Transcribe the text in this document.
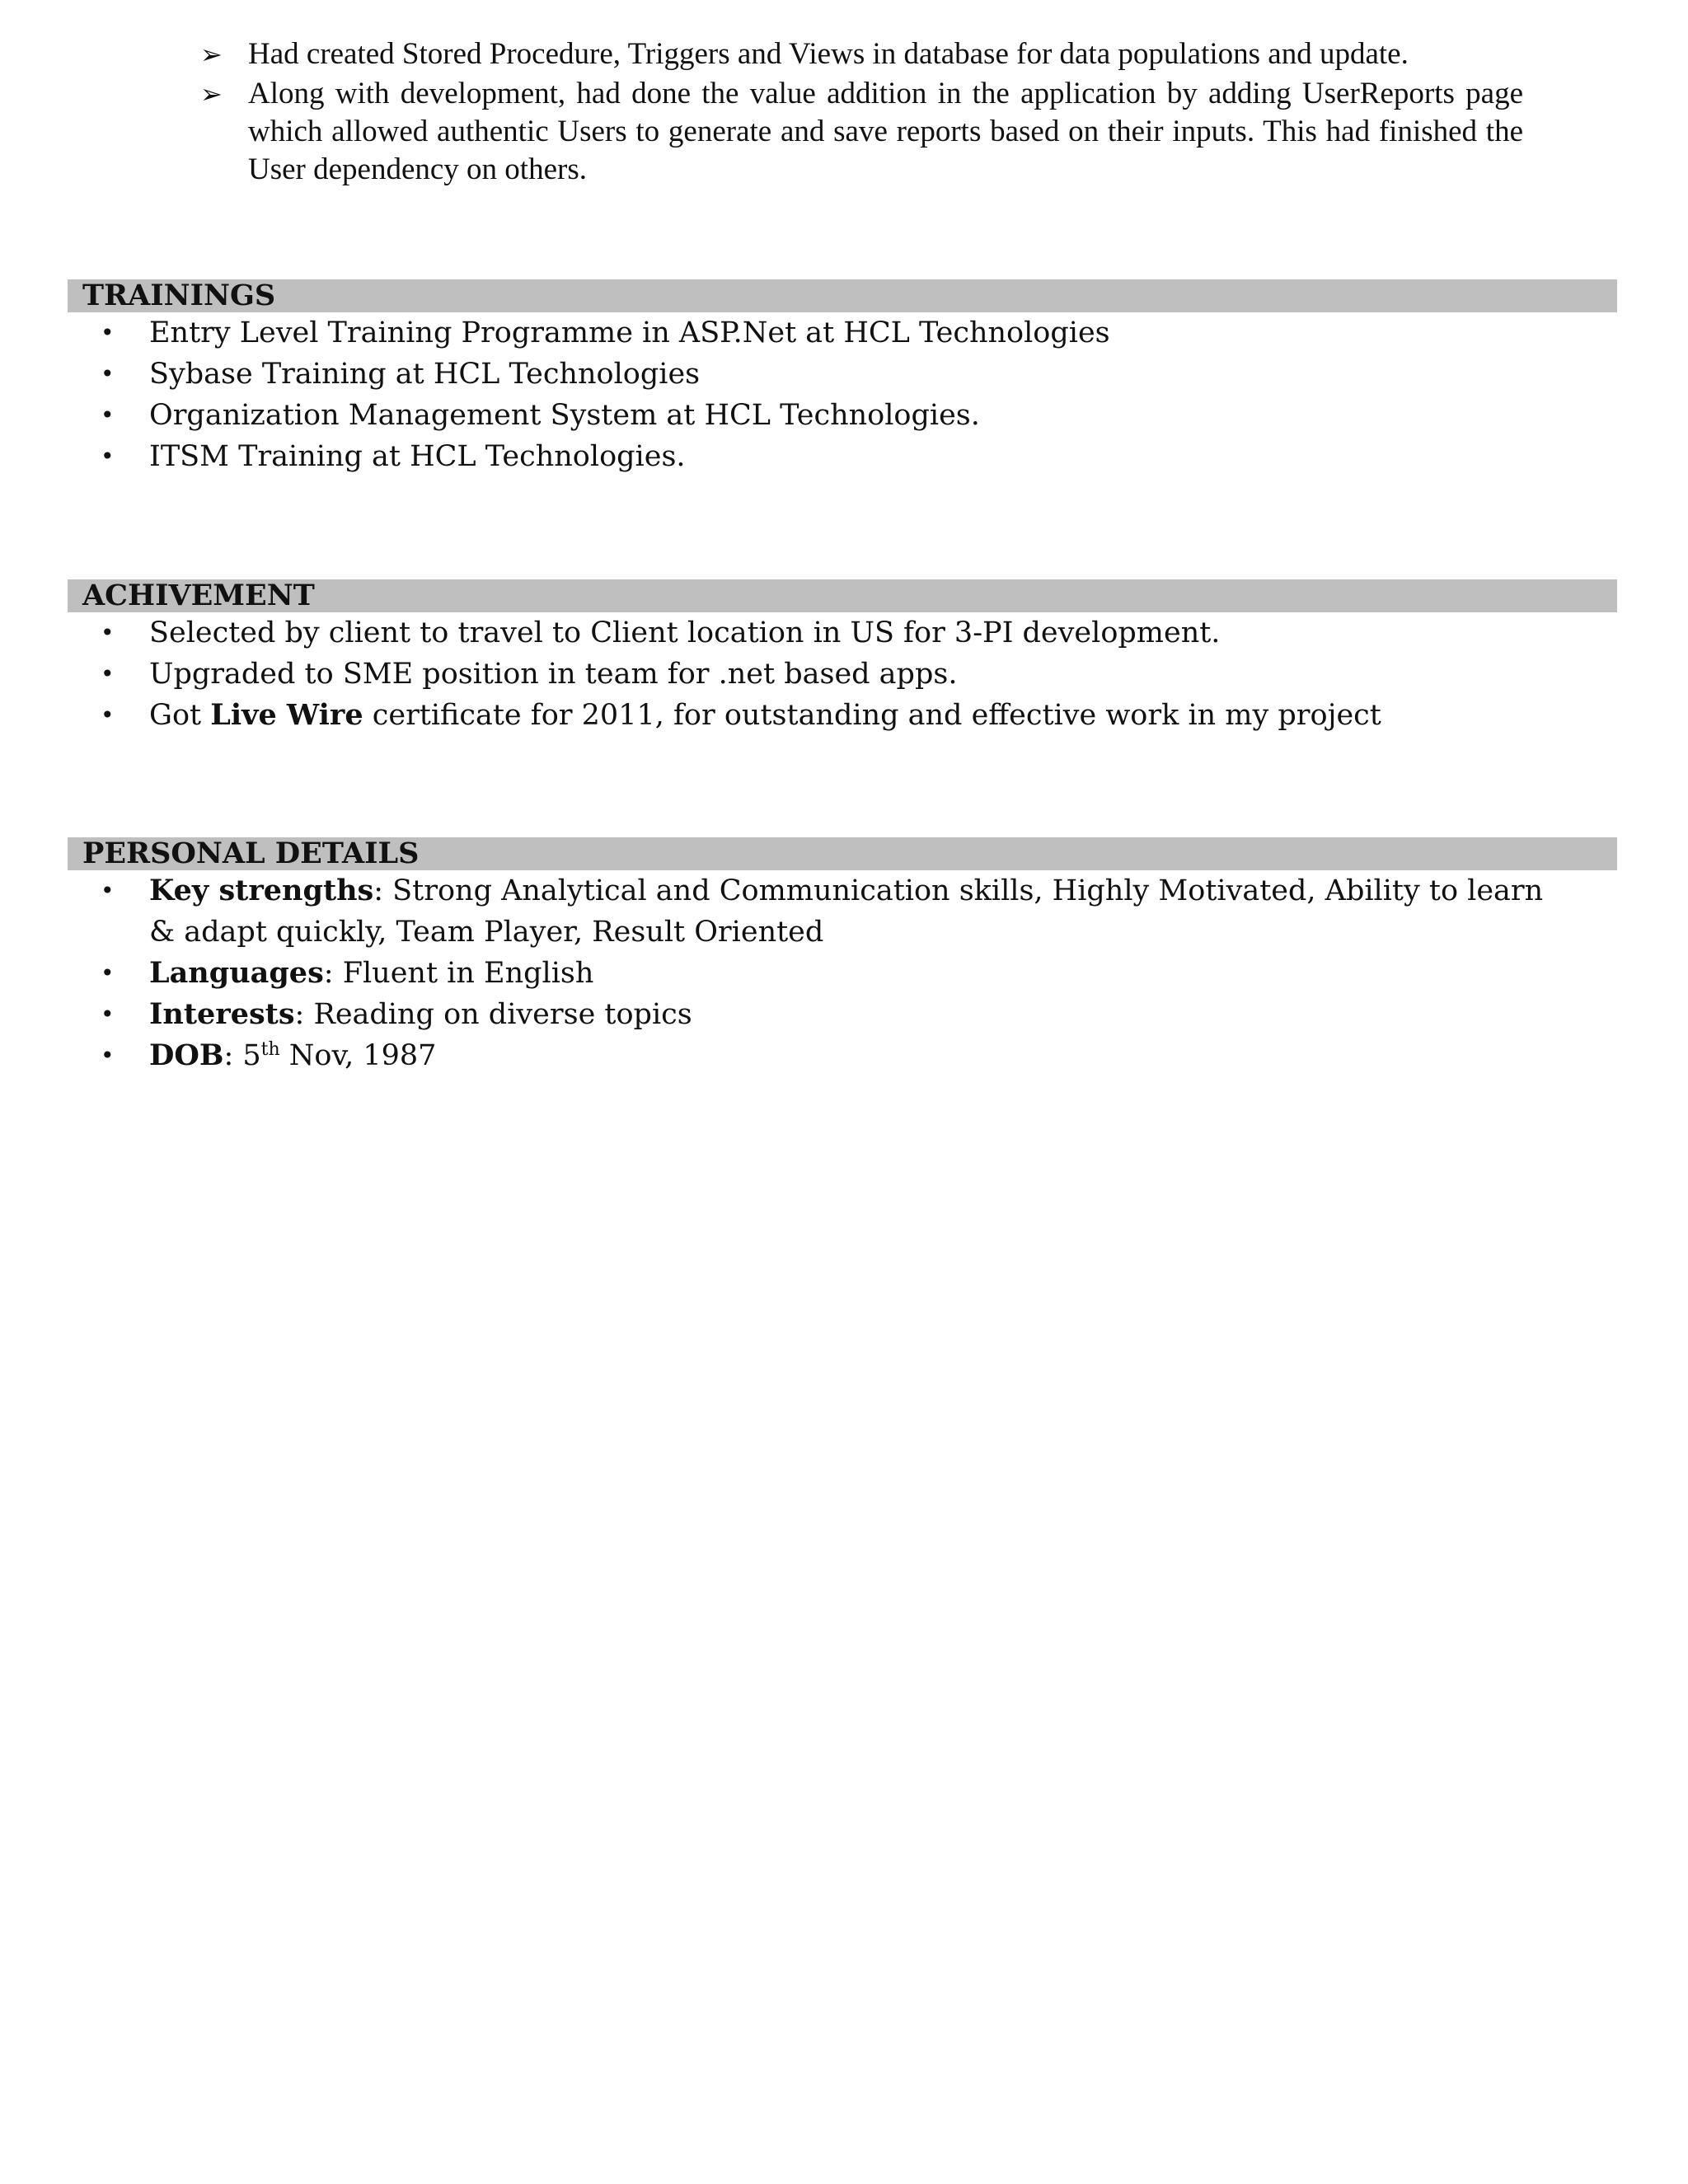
➢ Had created Stored Procedure, Triggers and Views in database for data populations and update.
➢ Along with development, had done the value addition in the application by adding UserReports page which allowed authentic Users to generate and save reports based on their inputs. This had finished the User dependency on others.
TRAININGS
• Entry Level Training Programme in ASP.Net at HCL Technologies
• Sybase Training at HCL Technologies
• Organization Management System at HCL Technologies.
• ITSM Training at HCL Technologies.
ACHIVEMENT
• Selected by client to travel to Client location in US for 3-PI development.
• Upgraded to SME position in team for .net based apps.
• Got Live Wire certificate for 2011, for outstanding and effective work in my project
PERSONAL DETAILS
• Key strengths: Strong Analytical and Communication skills, Highly Motivated, Ability to learn & adapt quickly, Team Player, Result Oriented
• Languages: Fluent in English
• Interests: Reading on diverse topics
• DOB: 5th Nov, 1987
